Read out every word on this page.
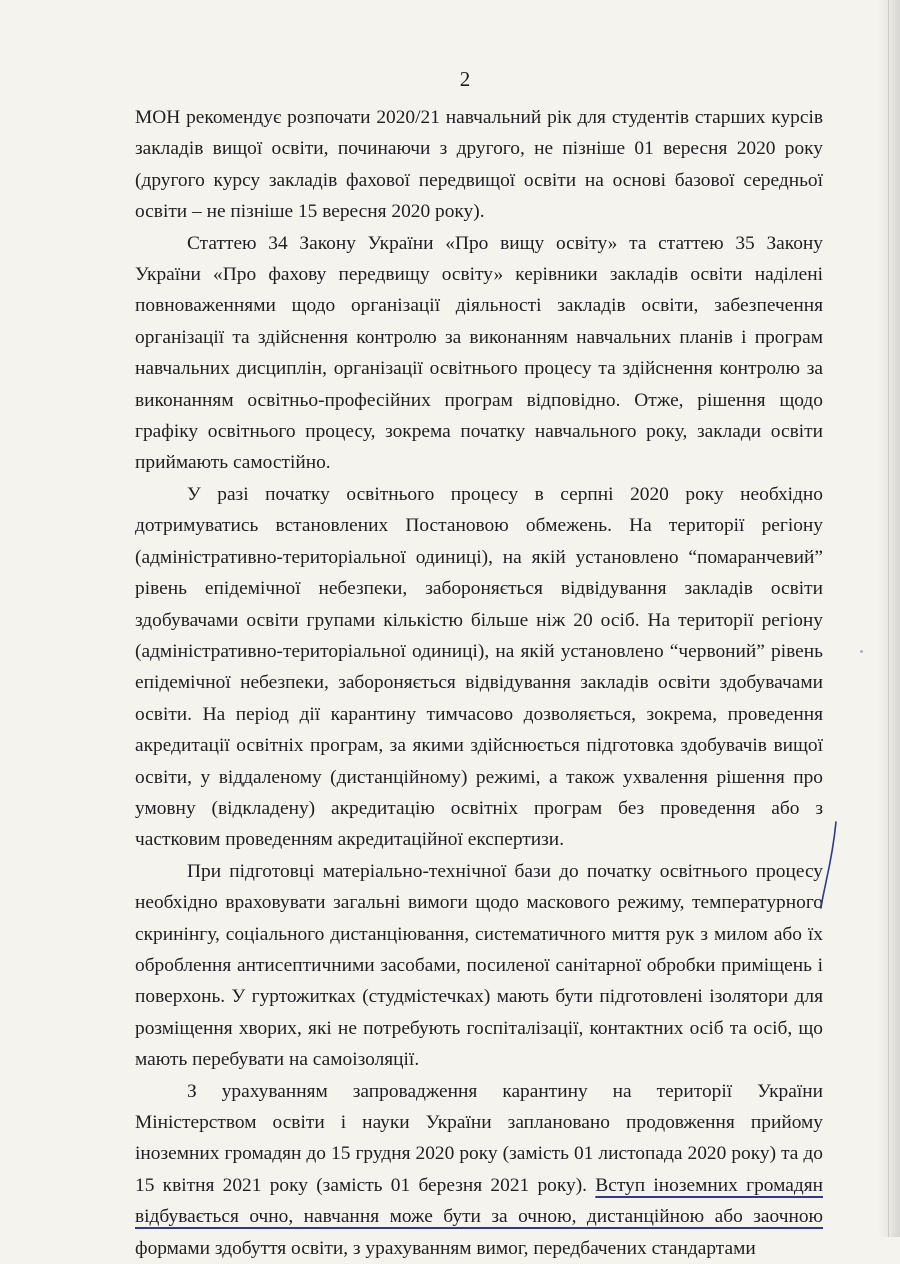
2

МОН рекомендує розпочати 2020/21 навчальний рік для студентів старших курсів закладів вищої освіти, починаючи з другого, не пізніше 01 вересня 2020 року (другого курсу закладів фахової передвищої освіти на основі базової середньої освіти – не пізніше 15 вересня 2020 року).

Статтею 34 Закону України «Про вищу освіту» та статтею 35 Закону України «Про фахову передвищу освіту» керівники закладів освіти наділені повноваженнями щодо організації діяльності закладів освіти, забезпечення організації та здійснення контролю за виконанням навчальних планів і програм навчальних дисциплін, організації освітнього процесу та здійснення контролю за виконанням освітньо-професійних програм відповідно. Отже, рішення щодо графіку освітнього процесу, зокрема початку навчального року, заклади освіти приймають самостійно.

У разі початку освітнього процесу в серпні 2020 року необхідно дотримуватись встановлених Постановою обмежень. На території регіону (адміністративно-територіальної одиниці), на якій установлено “помаранчевий” рівень епідемічної небезпеки, забороняється відвідування закладів освіти здобувачами освіти групами кількістю більше ніж 20 осіб. На території регіону (адміністративно-територіальної одиниці), на якій установлено “червоний” рівень епідемічної небезпеки, забороняється відвідування закладів освіти здобувачами освіти. На період дії карантину тимчасово дозволяється, зокрема, проведення акредитації освітніх програм, за якими здійснюється підготовка здобувачів вищої освіти, у віддаленому (дистанційному) режимі, а також ухвалення рішення про умовну (відкладену) акредитацію освітніх програм без проведення або з частковим проведенням акредитаційної експертизи.

При підготовці матеріально-технічної бази до початку освітнього процесу необхідно враховувати загальні вимоги щодо маскового режиму, температурного скринінгу, соціального дистанціювання, систематичного миття рук з милом або їх оброблення антисептичними засобами, посиленої санітарної обробки приміщень і поверхонь. У гуртожитках (студмістечках) мають бути підготовлені ізолятори для розміщення хворих, які не потребують госпіталізації, контактних осіб та осіб, що мають перебувати на самоізоляції.

З урахуванням запровадження карантину на території України Міністерством освіти і науки України заплановано продовження прийому іноземних громадян до 15 грудня 2020 року (замість 01 листопада 2020 року) та до 15 квітня 2021 року (замість 01 березня 2021 року). Вступ іноземних громадян відбувається очно, навчання може бути за очною, дистанційною або заочною формами здобуття освіти, з урахуванням вимог, передбачених стандартами
